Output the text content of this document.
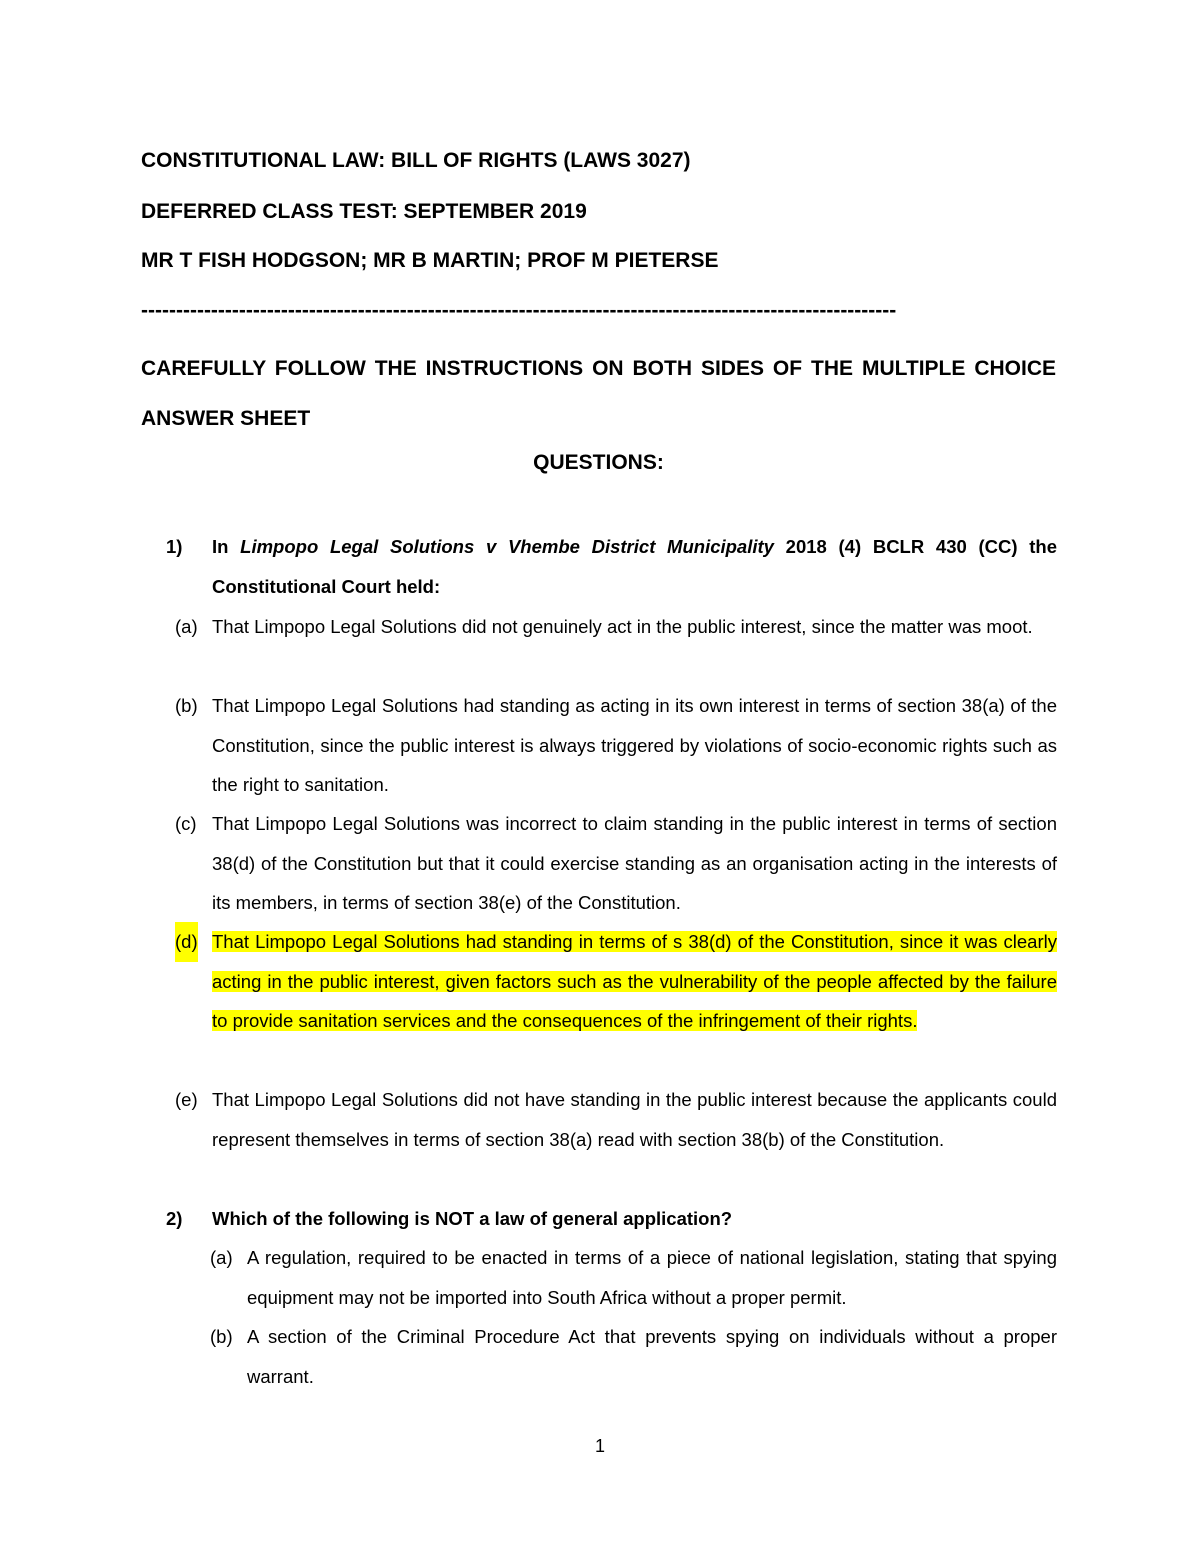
CONSTITUTIONAL LAW: BILL OF RIGHTS (LAWS 3027)
DEFERRED CLASS TEST: SEPTEMBER 2019
MR T FISH HODGSON; MR B MARTIN; PROF M PIETERSE
------------------------------------------------------------------------------------------------------------
CAREFULLY FOLLOW THE INSTRUCTIONS ON BOTH SIDES OF THE MULTIPLE CHOICE ANSWER SHEET
QUESTIONS:
1) In Limpopo Legal Solutions v Vhembe District Municipality 2018 (4) BCLR 430 (CC) the Constitutional Court held:
(a) That Limpopo Legal Solutions did not genuinely act in the public interest, since the matter was moot.
(b) That Limpopo Legal Solutions had standing as acting in its own interest in terms of section 38(a) of the Constitution, since the public interest is always triggered by violations of socio-economic rights such as the right to sanitation.
(c) That Limpopo Legal Solutions was incorrect to claim standing in the public interest in terms of section 38(d) of the Constitution but that it could exercise standing as an organisation acting in the interests of its members, in terms of section 38(e) of the Constitution.
(d) That Limpopo Legal Solutions had standing in terms of s 38(d) of the Constitution, since it was clearly acting in the public interest, given factors such as the vulnerability of the people affected by the failure to provide sanitation services and the consequences of the infringement of their rights.
(e) That Limpopo Legal Solutions did not have standing in the public interest because the applicants could represent themselves in terms of section 38(a) read with section 38(b) of the Constitution.
2) Which of the following is NOT a law of general application?
(a) A regulation, required to be enacted in terms of a piece of national legislation, stating that spying equipment may not be imported into South Africa without a proper permit.
(b) A section of the Criminal Procedure Act that prevents spying on individuals without a proper warrant.
1
